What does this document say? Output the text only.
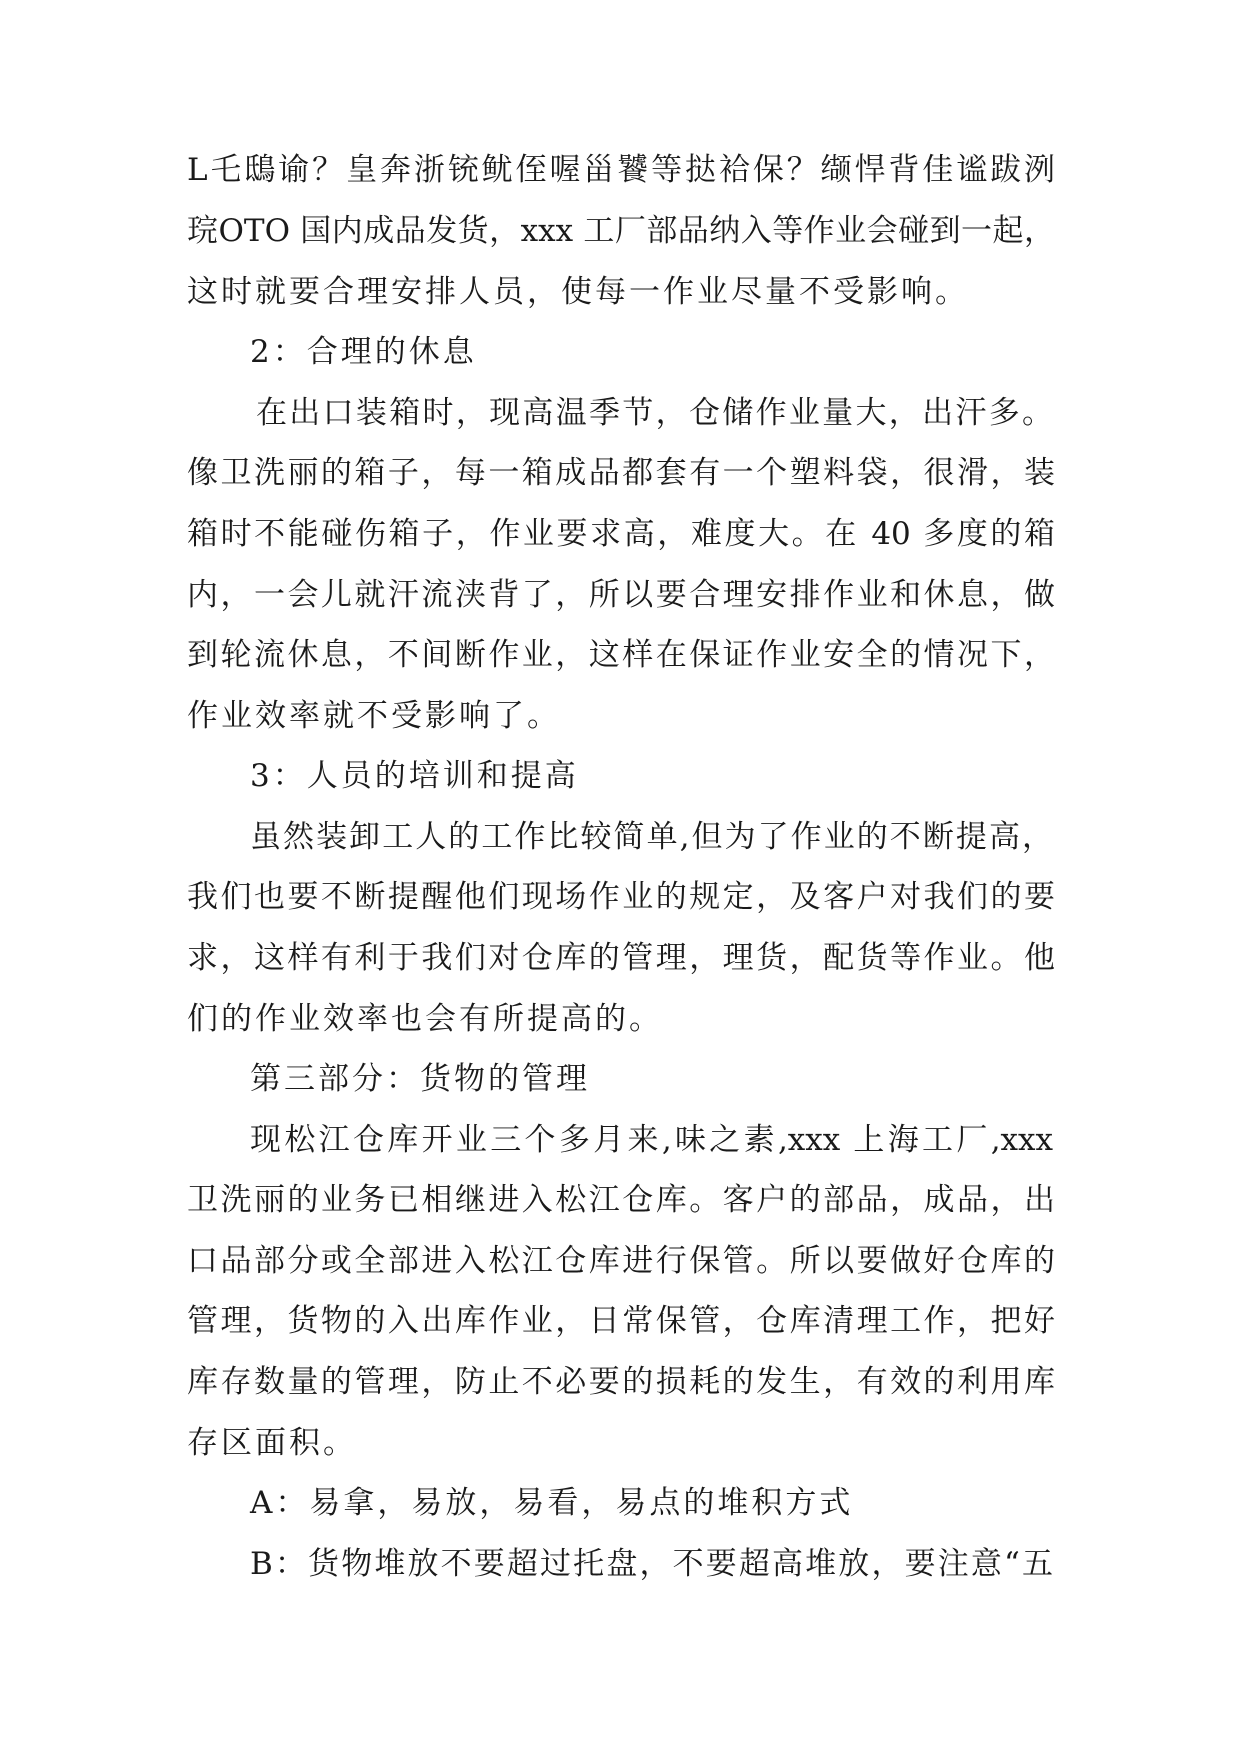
L乇鴟谕？皇奔浙铳鱿侄喔甾饕等挞袷保？缬悍背佳谧跋洌
琓OTO 国内成品发货，xxx 工厂部品纳入等作业会碰到一起，
这时就要合理安排人员，使每一作业尽量不受影响。
2：合理的休息
在出口装箱时，现高温季节，仓储作业量大，出汗多。
像卫洗丽的箱子，每一箱成品都套有一个塑料袋，很滑，装
箱时不能碰伤箱子，作业要求高，难度大。在 40 多度的箱
内，一会儿就汗流浃背了，所以要合理安排作业和休息，做
到轮流休息，不间断作业，这样在保证作业安全的情况下，
作业效率就不受影响了。
3：人员的培训和提高
虽然装卸工人的工作比较简单,但为了作业的不断提高，
我们也要不断提醒他们现场作业的规定，及客户对我们的要
求，这样有利于我们对仓库的管理，理货，配货等作业。他
们的作业效率也会有所提高的。
第三部分：货物的管理
现松江仓库开业三个多月来,味之素,xxx 上海工厂,xxx
卫洗丽的业务已相继进入松江仓库。客户的部品，成品，出
口品部分或全部进入松江仓库进行保管。所以要做好仓库的
管理，货物的入出库作业，日常保管，仓库清理工作，把好
库存数量的管理，防止不必要的损耗的发生，有效的利用库
存区面积。
A：易拿，易放，易看，易点的堆积方式
B：货物堆放不要超过托盘，不要超高堆放，要注意“五
